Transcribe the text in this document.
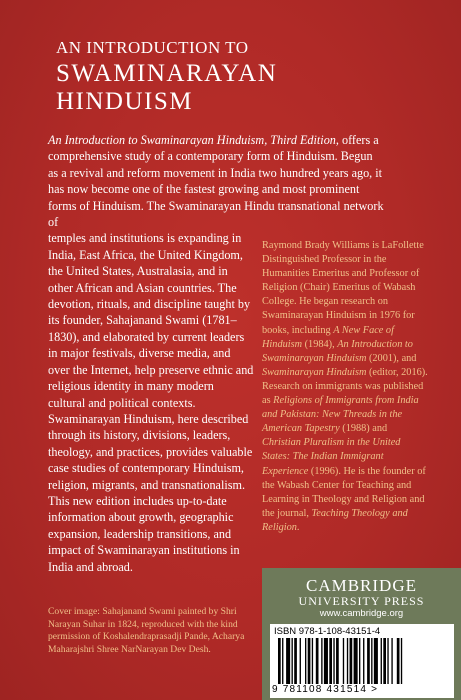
AN INTRODUCTION TO
SWAMINARAYAN
HINDUISM
An Introduction to Swaminarayan Hinduism, Third Edition, offers a comprehensive study of a contemporary form of Hinduism. Begun as a revival and reform movement in India two hundred years ago, it has now become one of the fastest growing and most prominent forms of Hinduism. The Swaminarayan Hindu transnational network of
temples and institutions is expanding in India, East Africa, the United Kingdom, the United States, Australasia, and in other African and Asian countries. The devotion, rituals, and discipline taught by its founder, Sahajanand Swami (1781–1830), and elaborated by current leaders in major festivals, diverse media, and over the Internet, help preserve ethnic and religious identity in many modern cultural and political contexts. Swaminarayan Hinduism, here described through its history, divisions, leaders, theology, and practices, provides valuable case studies of contemporary Hinduism, religion, migrants, and transnationalism. This new edition includes up-to-date information about growth, geographic expansion, leadership transitions, and impact of Swaminarayan institutions in India and abroad.
Raymond Brady Williams is LaFollette Distinguished Professor in the Humanities Emeritus and Professor of Religion (Chair) Emeritus of Wabash College. He began research on Swaminarayan Hinduism in 1976 for books, including A New Face of Hinduism (1984), An Introduction to Swaminarayan Hinduism (2001), and Swaminarayan Hinduism (editor, 2016). Research on immigrants was published as Religions of Immigrants from India and Pakistan: New Threads in the American Tapestry (1988) and Christian Pluralism in the United States: The Indian Immigrant Experience (1996). He is the founder of the Wabash Center for Teaching and Learning in Theology and Religion and the journal, Teaching Theology and Religion.
Cover image: Sahajanand Swami painted by Shri Narayan Suhar in 1824, reproduced with the kind permission of Koshalendraprasadji Pande, Acharya Maharajshri Shree NarNarayan Dev Desh.
CAMBRIDGE
UNIVERSITY PRESS
www.cambridge.org
ISBN 978-1-108-43151-4
9 781108 431514 >
